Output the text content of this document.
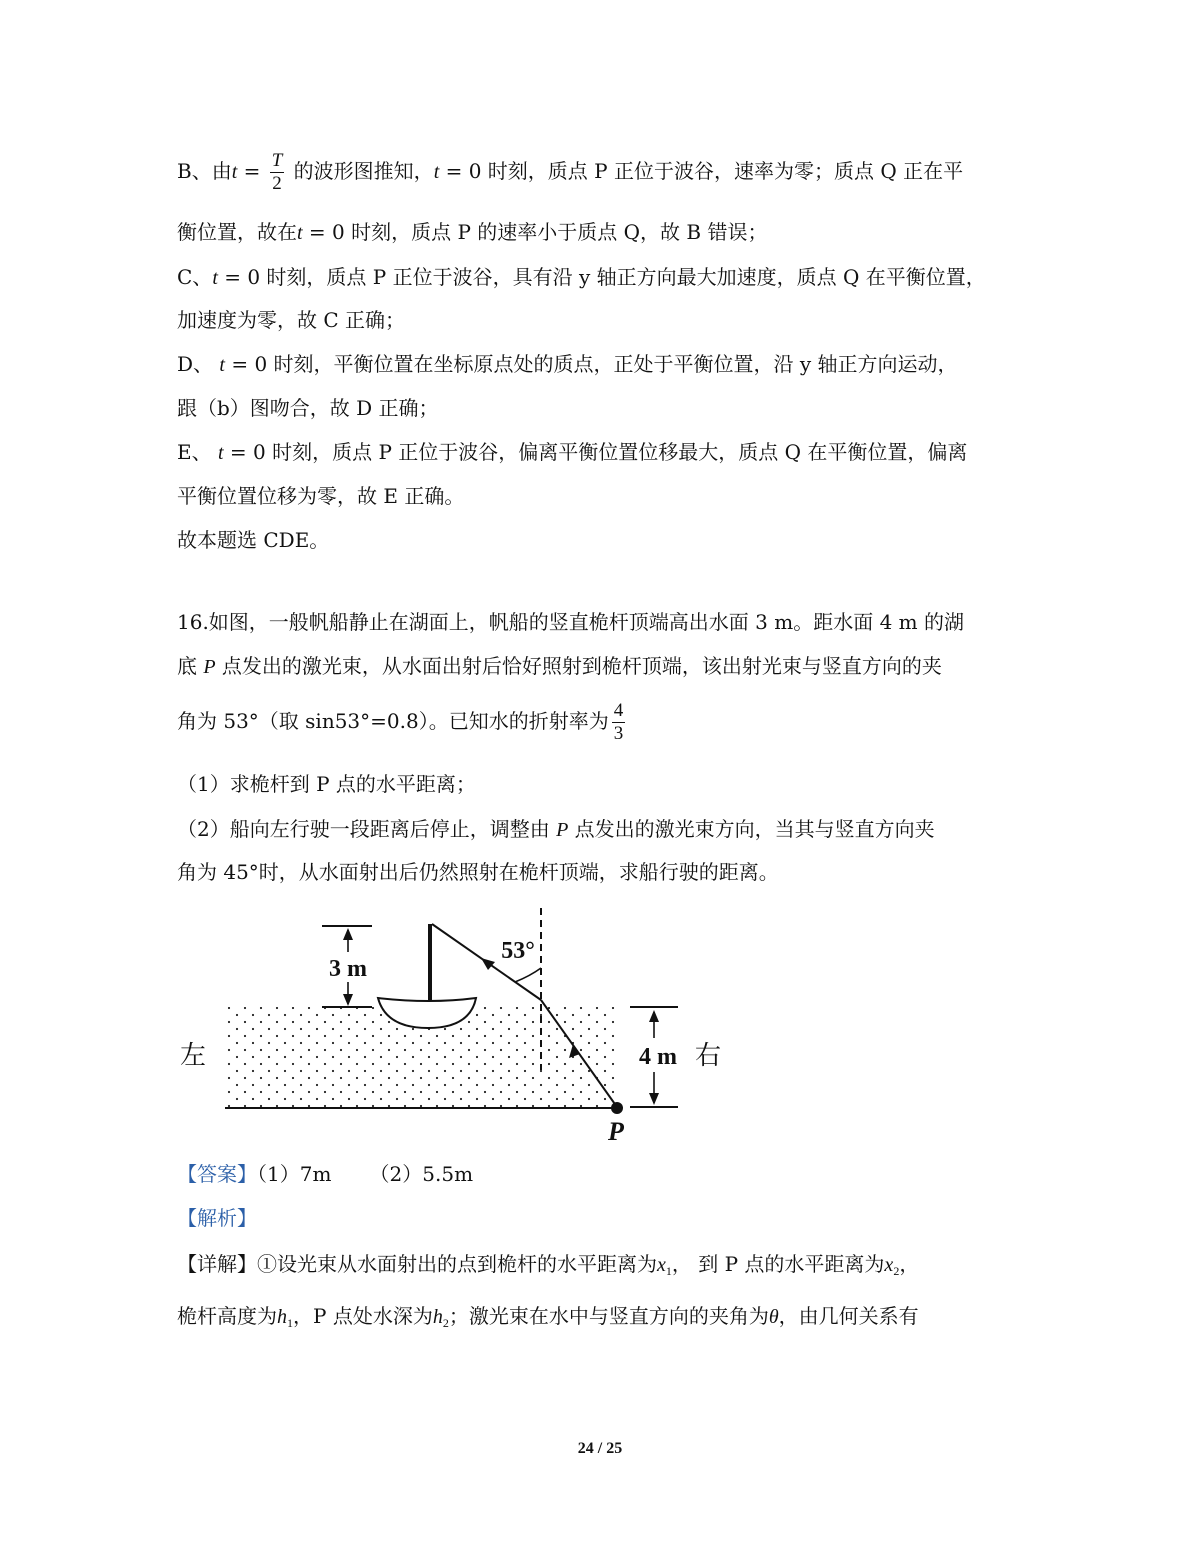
B、由$t = \frac{T}{2}$ 的波形图推知，t = 0 时刻，质点 P 正位于波谷，速率为零；质点 Q 正在平
衡位置，故在t = 0 时刻，质点 P 的速率小于质点 Q，故 B 错误；
C、t = 0 时刻，质点 P 正位于波谷，具有沿 y 轴正方向最大加速度，质点 Q 在平衡位置，
加速度为零，故 C 正确；
D、 t = 0 时刻，平衡位置在坐标原点处的质点，正处于平衡位置，沿 y 轴正方向运动，
跟（b）图吻合，故 D 正确；
E、 t = 0 时刻，质点 P 正位于波谷，偏离平衡位置位移最大，质点 Q 在平衡位置，偏离
平衡位置位移为零，故 E 正确。
故本题选 CDE。
16.如图，一般帆船静止在湖面上，帆船的竖直桅杆顶端高出水面 3 m。距水面 4 m 的湖
底 P 点发出的激光束，从水面出射后恰好照射到桅杆顶端，该出射光束与竖直方向的夹
角为 53°（取 sin53°=0.8）。已知水的折射率为 $\frac{4}{3}$
（1）求桅杆到 P 点的水平距离；
（2）船向左行驶一段距离后停止，调整由 P 点发出的激光束方向，当其与竖直方向夹
角为 45°时，从水面射出后仍然照射在桅杆顶端，求船行驶的距离。
3 m
53°
4 m
左	右
P
【答案】（1）7m      （2）5.5m
【解析】
【详解】①设光束从水面射出的点到桅杆的水平距离为$x_1$， 到 P 点的水平距离为$x_2$，
桅杆高度为$h_1$，P 点处水深为$h_2$；激光束在水中与竖直方向的夹角为θ，由几何关系有
24 / 25
